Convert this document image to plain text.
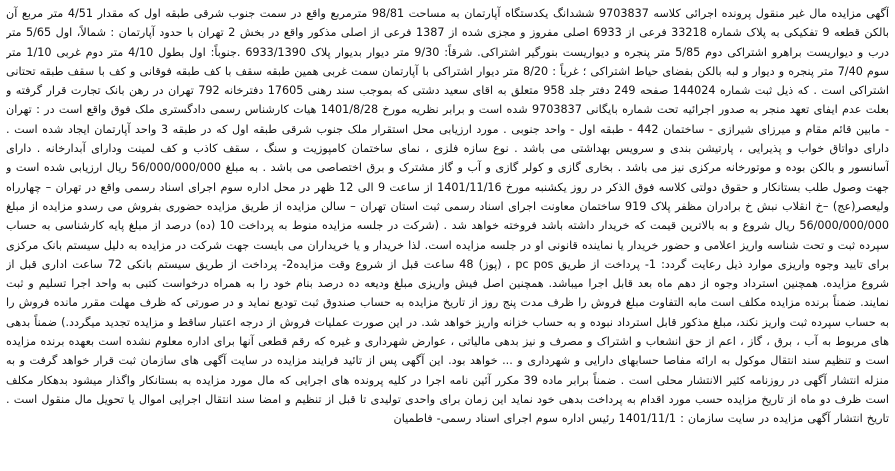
آگهی مزایده مال غیر منقول پرونده اجرائی کلاسه 9703837 ششدانگ یکدستگاه آپارتمان به مساحت 98/81 مترمربع واقع در سمت جنوب شرقی طبقه اول که مقدار 4/51 متر مربع آن بالکن قطعه 9 تفکیکی به پلاک شماره 33218 فرعی از 6933 اصلی مفروز و مجزی شده از 1387 فرعی از اصلی مذکور واقع در بخش 2 تهران با حدود آپارتمان : شمالاً، اول 5/65 متر درب و دیواریست براهرو اشتراکی دوم 5/85 متر پنجره و دیواریست بنورگیر اشتراکی. شرقاً: 9/30 متر دیوار بدیوار پلاک 6933/1390 .جنوباً: اول بطول 4/10 متر دوم غربی 1/10 متر سوم 7/40 متر پنجره و دیوار و لبه بالکن بفضای حیاط اشتراکی ؛ غرباً : 8/20 متر دیوار اشتراکی با آپارتمان سمت غربی همین طبقه سقف با کف طبقه فوقانی و کف با سقف طبقه تحتانی اشتراکی است . که ذیل ثبت شماره 144024 صفحه 249 دفتر جلد 958 متعلق به اقای سعید دشتی که بموجب سند رهنی 17605 دفترخانه 792 تهران در رهن بانک تجارت قرار گرفته و بعلت عدم ایفای تعهد منجر به صدور اجرائیه تحت شماره بایگانی 9703837 شده است و برابر نظریه مورخ 1401/8/28 هیات کارشناس رسمی دادگستری ملک فوق واقع است در : تهران - مابین قائم مقام و میرزای شیرازی - ساختمان 442 - طبقه اول - واحد جنوبی . مورد ارزیابی محل استقرار ملک جنوب شرقی طبقه اول که در طبقه 3 واحد آپارتمان ایجاد شده است . دارای دواتاق خواب و پذیرایی ، پارتیشن بندی و سرویس بهداشتی می باشد . نوع سازه فلزی ، نمای ساختمان کامپوزیت و سنگ ، سقف کاذب و کف لمینت ودارای آبدارخانه . دارای آسانسور و بالکن بوده و موتورخانه مرکزی نیز می باشد . بخاری گازی و کولر گازی و آب و گاز مشترک و برق اختصاصی می باشد . به مبلغ 56/000/000/000 ریال ارزیابی شده است و جهت وصول طلب بستانکار و حقوق دولتی کلاسه فوق الذکر در روز یکشنبه مورخ 1401/11/16 از ساعت 9 الی 12 ظهر در محل اداره سوم اجرای اسناد رسمی واقع در تهران – چهارراه ولیعصر(عج) –خ انقلاب نبش خ برادران مظفر پلاک 919 ساختمان معاونت اجرای اسناد رسمی ثبت استان تهران – سالن مزایده از طریق مزایده حضوری بفروش می رسدو مزایده از مبلغ 56/000/000/000 ریال شروع و به بالاترین قیمت که خریدار داشته باشد فروخته خواهد شد . (شرکت در جلسه مزایده منوط به پرداخت 10 (ده) درصد از مبلغ پایه کارشناسی به حساب سپرده ثبت و تحت شناسه واریز اعلامی و حضور خریدار یا نماینده قانونی او در جلسه مزایده است. لذا خریدار و یا خریداران می بایست جهت شرکت در مزایده به دلیل سیستم بانک مرکزی برای تایید وجوه واریزی موارد ذیل رعایت گردد: 1- پرداخت از طریق pc pos ، (پوز) 48 ساعت قبل از شروع وقت مزایده2- پرداخت از طریق سیستم بانکی 72 ساعت اداری قبل از شروع مزایده. همچنین استرداد وجوه از دهم ماه بعد قابل اجرا میباشد. همچنین اصل فیش واریزی مبلغ ودیعه ده درصد بنام خود را به همراه درخواست کتبی به واحد اجرا تسلیم و ثبت نمایند. ضمناً برنده مزایده مکلف است مابه التفاوت مبلغ فروش را ظرف مدت پنج روز از تاریخ مزایده به حساب صندوق ثبت تودیع نماید و در صورتی که ظرف مهلت مقرر مانده فروش را به حساب سپرده ثبت واریز نکند، مبلغ مذکور قابل استرداد نبوده و به حساب خزانه واریز خواهد شد. در این صورت عملیات فروش از درجه اعتبار ساقط و مزایده تجدید میگردد.) ضمناً بدهی های مربوط به آب ، برق ، گاز ، اعم از حق انشعاب و اشتراک و مصرف و نیز بدهی مالیاتی ، عوارض شهرداری و غیره که رقم قطعی آنها برای اداره معلوم نشده است بعهده برنده مزایده است و تنظیم سند انتقال موکول به ارائه مفاصا حسابهای دارایی و شهرداری و ... خواهد بود. این آگهی پس از تائید فرایند مزایده در سایت آگهی های سازمان ثبت قرار خواهد گرفت و به منزله انتشار آگهی در روزنامه کثیر الانتشار محلی است . ضمناً برابر ماده 39 مکرر آئین نامه اجرا در کلیه پرونده های اجرایی که مال مورد مزایده به بستانکار واگذار میشود بدهکار مکلف است ظرف دو ماه از تاریخ مزایده حسب مورد اقدام به پرداخت بدهی خود نماید این زمان برای واحدی تولیدی تا قبل از تنظیم و امضا سند انتقال اجرایی اموال یا تحویل مال منقول است . تاریخ انتشار آگهی مزایده در سایت سازمان : 1401/11/1 رئیس اداره سوم اجرای اسناد رسمی- فاطمیان
